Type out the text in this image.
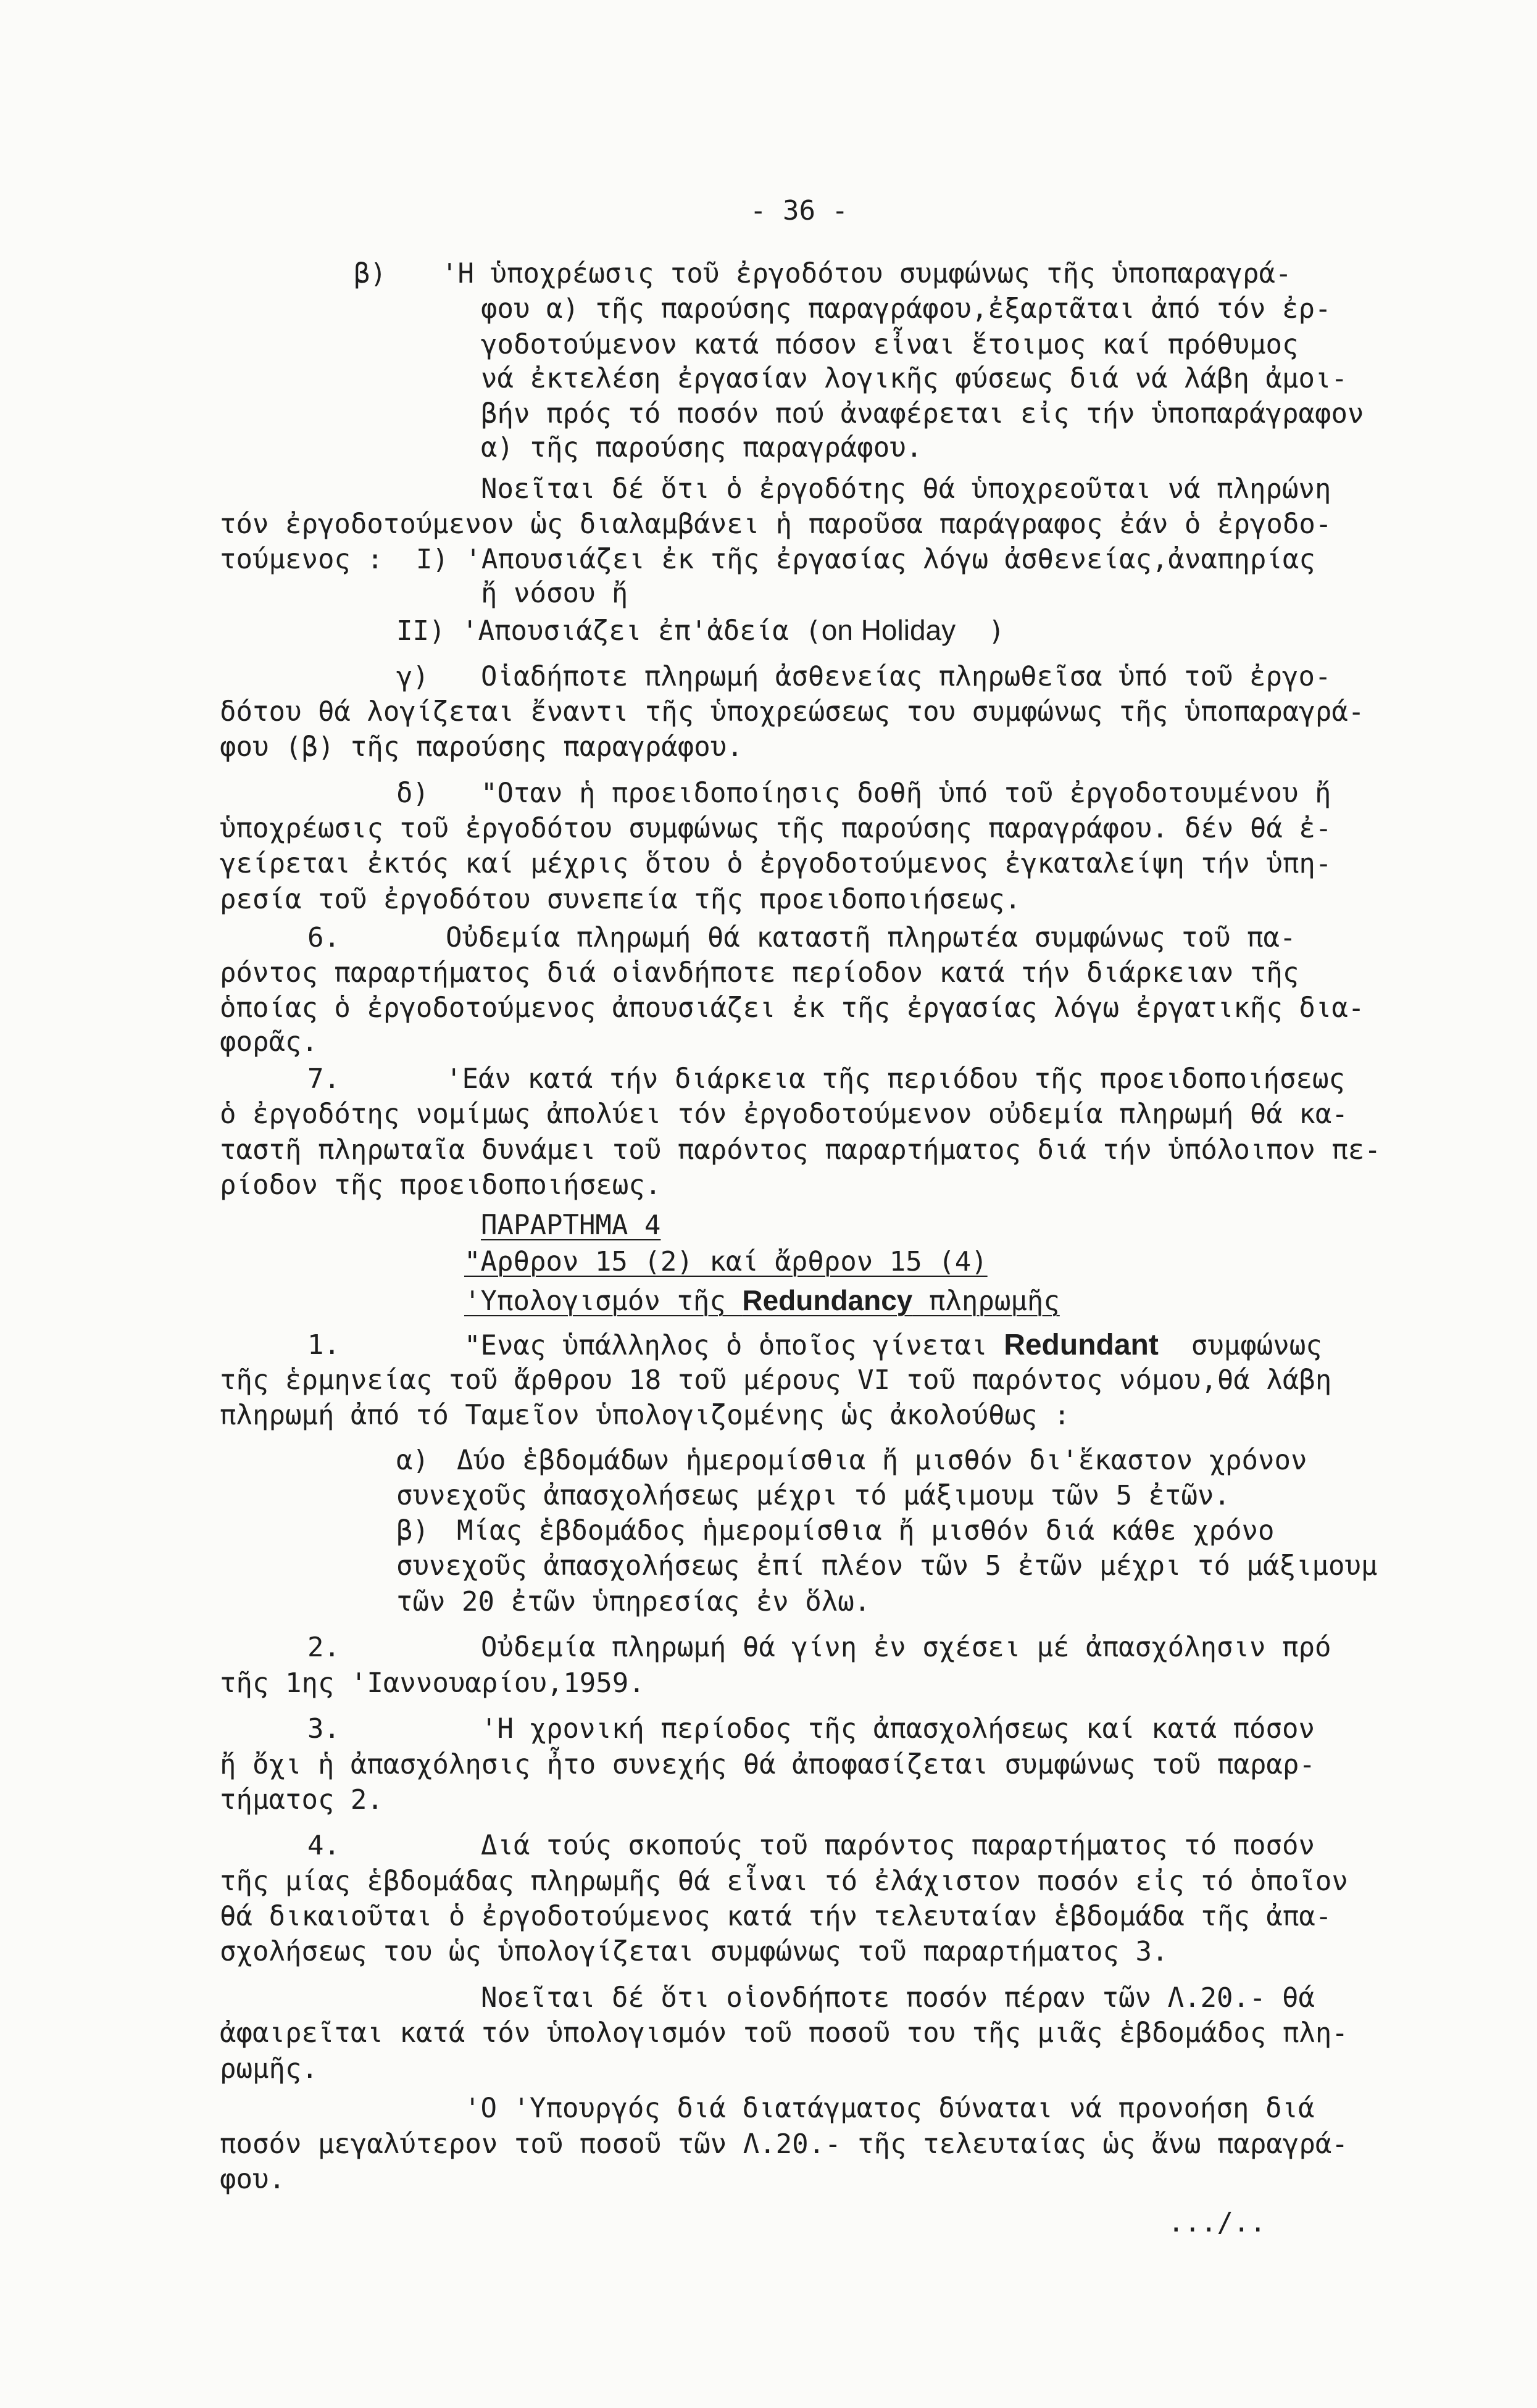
- 36 -
β) 'Η ὑποχρέωσις τοῦ ἐργοδότου συμφώνως τῆς ὑποπαραγρά-
φου α) τῆς παρούσης παραγράφου,ἐξαρτᾶται ἀπό τόν ἐρ-
γοδοτούμενον κατά πόσον εἶναι ἕτοιμος καί πρόθυμος
νά ἐκτελέση ἐργασίαν λογικῆς φύσεως διά νά λάβη ἀμοι-
βήν πρός τό ποσόν πού ἀναφέρεται εἰς τήν ὑποπαράγραφον
α) τῆς παρούσης παραγράφου.
Νοεῖται δέ ὅτι ὁ ἐργοδότης θά ὑποχρεοῦται νά πληρώνη
τόν ἐργοδοτούμενον ὡς διαλαμβάνει ἡ παροῦσα παράγραφος ἐάν ὁ ἐργοδο-
τούμενος :  I) 'Απουσιάζει ἐκ τῆς ἐργασίας λόγω ἀσθενείας,ἀναπηρίας
ἤ νόσου ἤ
II) 'Απουσιάζει ἐπ'ἀδεία (on Holiday  )
γ) Οἱαδήποτε πληρωμή ἀσθενείας πληρωθεῖσα ὑπό τοῦ ἐργο-
δότου θά λογίζεται ἔναντι τῆς ὑποχρεώσεως του συμφώνως τῆς ὑποπαραγρά-
φου (β) τῆς παρούσης παραγράφου.
δ) "Οταν ἡ προειδοποίησις δοθῆ ὑπό τοῦ ἐργοδοτουμένου ἤ
ὑποχρέωσις τοῦ ἐργοδότου συμφώνως τῆς παρούσης παραγράφου. δέν θά ἐ-
γείρεται ἐκτός καί μέχρις ὅτου ὁ ἐργοδοτούμενος ἐγκαταλείψη τήν ὑπη-
ρεσία τοῦ ἐργοδότου συνεπεία τῆς προειδοποιήσεως.
6.	Οὐδεμία πληρωμή θά καταστῆ πληρωτέα συμφώνως τοῦ πα-
ρόντος παραρτήματος διά οἱανδήποτε περίοδον κατά τήν διάρκειαν τῆς
ὁποίας ὁ ἐργοδοτούμενος ἀπουσιάζει ἐκ τῆς ἐργασίας λόγω ἐργατικῆς δια-
φορᾶς.
7.	'Εάν κατά τήν διάρκεια τῆς περιόδου τῆς προειδοποιήσεως
ὁ ἐργοδότης νομίμως ἀπολύει τόν ἐργοδοτούμενον οὐδεμία πληρωμή θά κα-
ταστῆ πληρωταῖα δυνάμει τοῦ παρόντος παραρτήματος διά τήν ὑπόλοιπον πε-
ρίοδον τῆς προειδοποιήσεως.
ΠΑΡΑΡΤΗΜΑ 4
"Αρθρον 15 (2) καί ἄρθρον 15 (4)
'Υπολογισμόν τῆς Redundancy πληρωμῆς
1.	"Ενας ὑπάλληλος ὁ ὁποῖος γίνεται Redundant  συμφώνως
τῆς ἑρμηνείας τοῦ ἄρθρου 18 τοῦ μέρους VI τοῦ παρόντος νόμου,θά λάβη
πληρωμή ἀπό τό Ταμεῖον ὑπολογιζομένης ὡς ἀκολούθως :
α) Δύο ἑβδομάδων ἡμερομίσθια ἤ μισθόν δι'ἕκαστον χρόνον
συνεχοῦς ἀπασχολήσεως μέχρι τό μάξιμουμ τῶν 5 ἐτῶν.
β) Μίας ἑβδομάδος ἡμερομίσθια ἤ μισθόν διά κάθε χρόνο
συνεχοῦς ἀπασχολήσεως ἐπί πλέον τῶν 5 ἐτῶν μέχρι τό μάξιμουμ
τῶν 20 ἐτῶν ὑπηρεσίας ἐν ὅλω.
2.	Οὐδεμία πληρωμή θά γίνη ἐν σχέσει μέ ἀπασχόλησιν πρό
τῆς 1ης 'Ιαννουαρίου,1959.
3.	'Η χρονική περίοδος τῆς ἀπασχολήσεως καί κατά πόσον
ἤ ὄχι ἡ ἀπασχόλησις ἦτο συνεχής θά ἀποφασίζεται συμφώνως τοῦ παραρ-
τήματος 2.
4.	Διά τούς σκοπούς τοῦ παρόντος παραρτήματος τό ποσόν
τῆς μίας ἑβδομάδας πληρωμῆς θά εἶναι τό ἐλάχιστον ποσόν εἰς τό ὁποῖον
θά δικαιοῦται ὁ ἐργοδοτούμενος κατά τήν τελευταίαν ἑβδομάδα τῆς ἀπα-
σχολήσεως του ὡς ὑπολογίζεται συμφώνως τοῦ παραρτήματος 3.
Νοεῖται δέ ὅτι οἱονδήποτε ποσόν πέραν τῶν Λ.20.- θά
ἀφαιρεῖται κατά τόν ὑπολογισμόν τοῦ ποσοῦ του τῆς μιᾶς ἑβδομάδος πλη-
ρωμῆς.
'Ο 'Υπουργός διά διατάγματος δύναται νά προνοήση διά
ποσόν μεγαλύτερον τοῦ ποσοῦ τῶν Λ.20.- τῆς τελευταίας ὡς ἄνω παραγρά-
φου.
.../..
